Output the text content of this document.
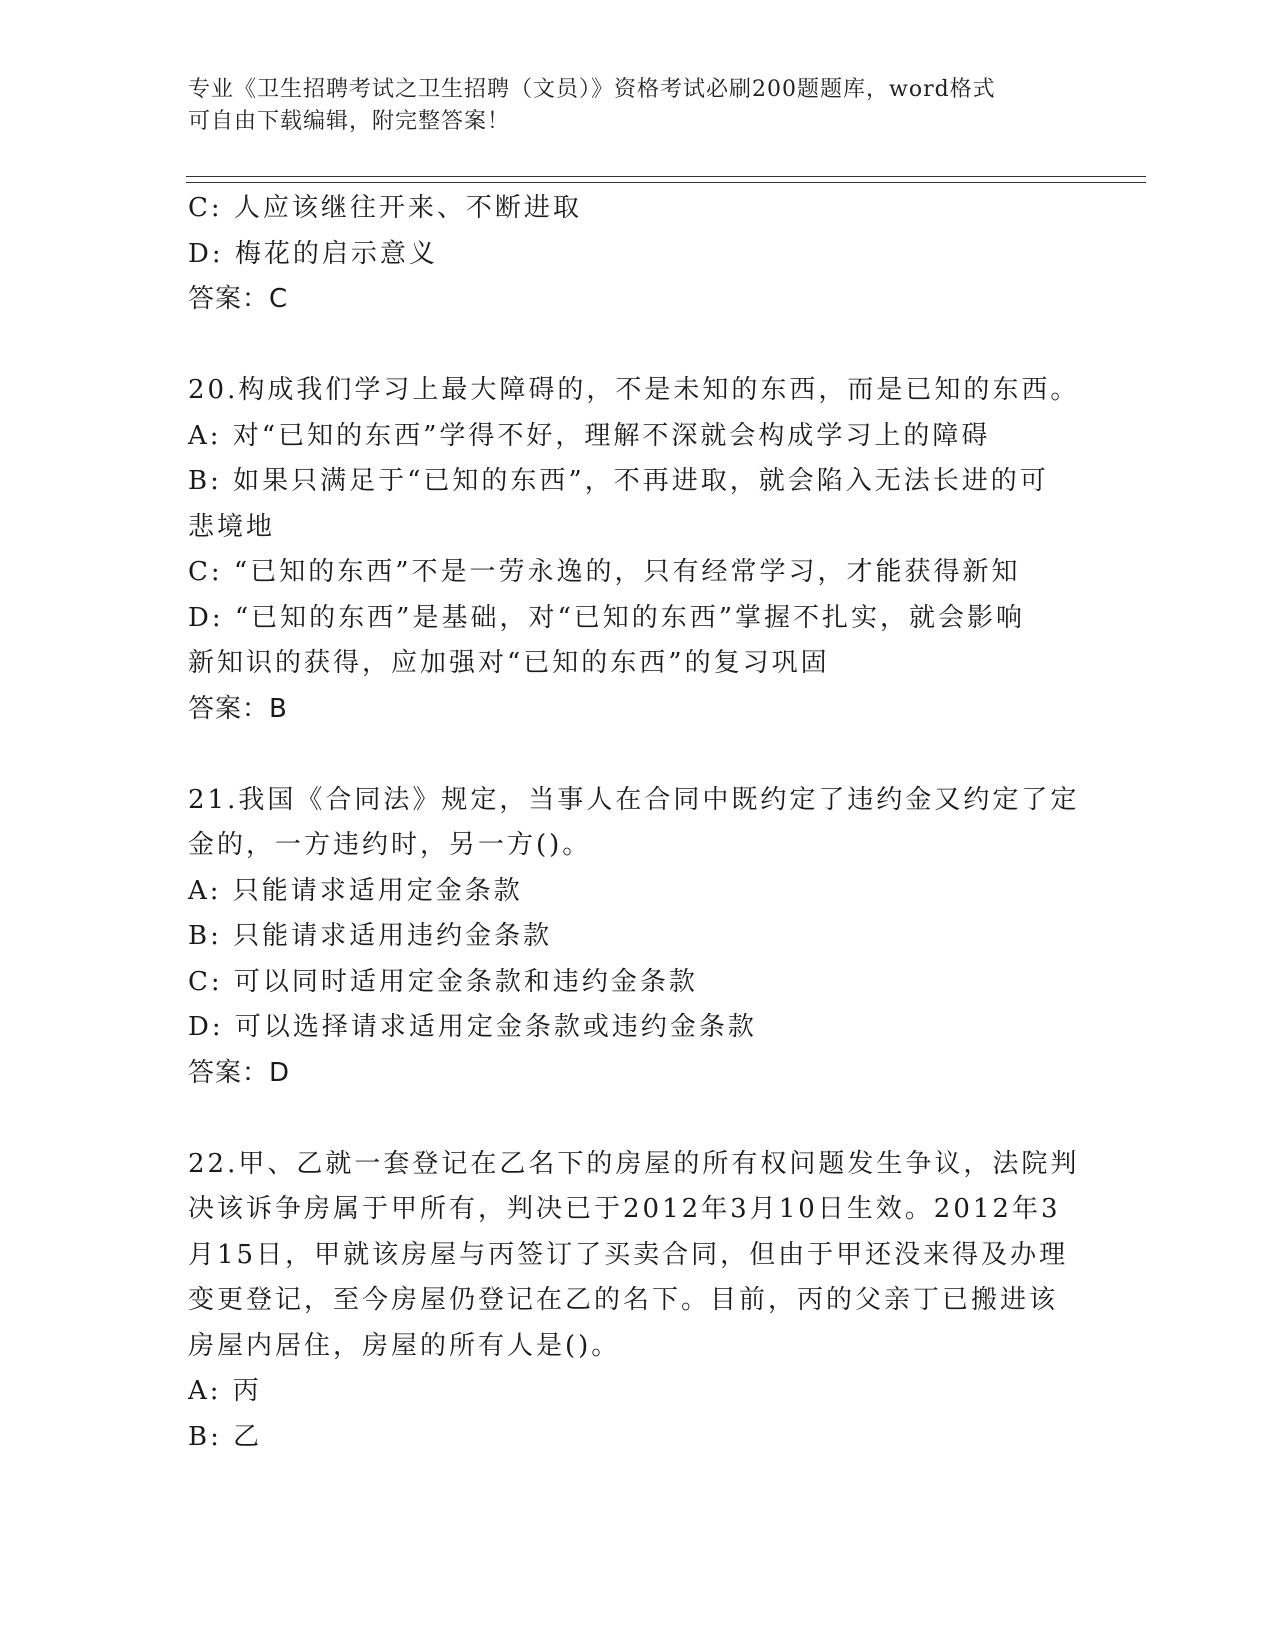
专业《卫生招聘考试之卫生招聘（文员）》资格考试必刷200题题库，word格式
可自由下载编辑，附完整答案！
C: 人应该继往开来、不断进取
D: 梅花的启示意义
答案：C
20.构成我们学习上最大障碍的，不是未知的东西，而是已知的东西。
A: 对“已知的东西”学得不好，理解不深就会构成学习上的障碍
B: 如果只满足于“已知的东西”，不再进取，就会陷入无法长进的可
悲境地
C: “已知的东西”不是一劳永逸的，只有经常学习，才能获得新知
D: “已知的东西”是基础，对“已知的东西”掌握不扎实，就会影响
新知识的获得，应加强对“已知的东西”的复习巩固
答案：B
21.我国《合同法》规定，当事人在合同中既约定了违约金又约定了定
金的，一方违约时，另一方()。
A: 只能请求适用定金条款
B: 只能请求适用违约金条款
C: 可以同时适用定金条款和违约金条款
D: 可以选择请求适用定金条款或违约金条款
答案：D
22.甲、乙就一套登记在乙名下的房屋的所有权问题发生争议，法院判
决该诉争房属于甲所有，判决已于2012年3月10日生效。2012年3
月15日，甲就该房屋与丙签订了买卖合同，但由于甲还没来得及办理
变更登记，至今房屋仍登记在乙的名下。目前，丙的父亲丁已搬进该
房屋内居住，房屋的所有人是()。
A: 丙
B: 乙
